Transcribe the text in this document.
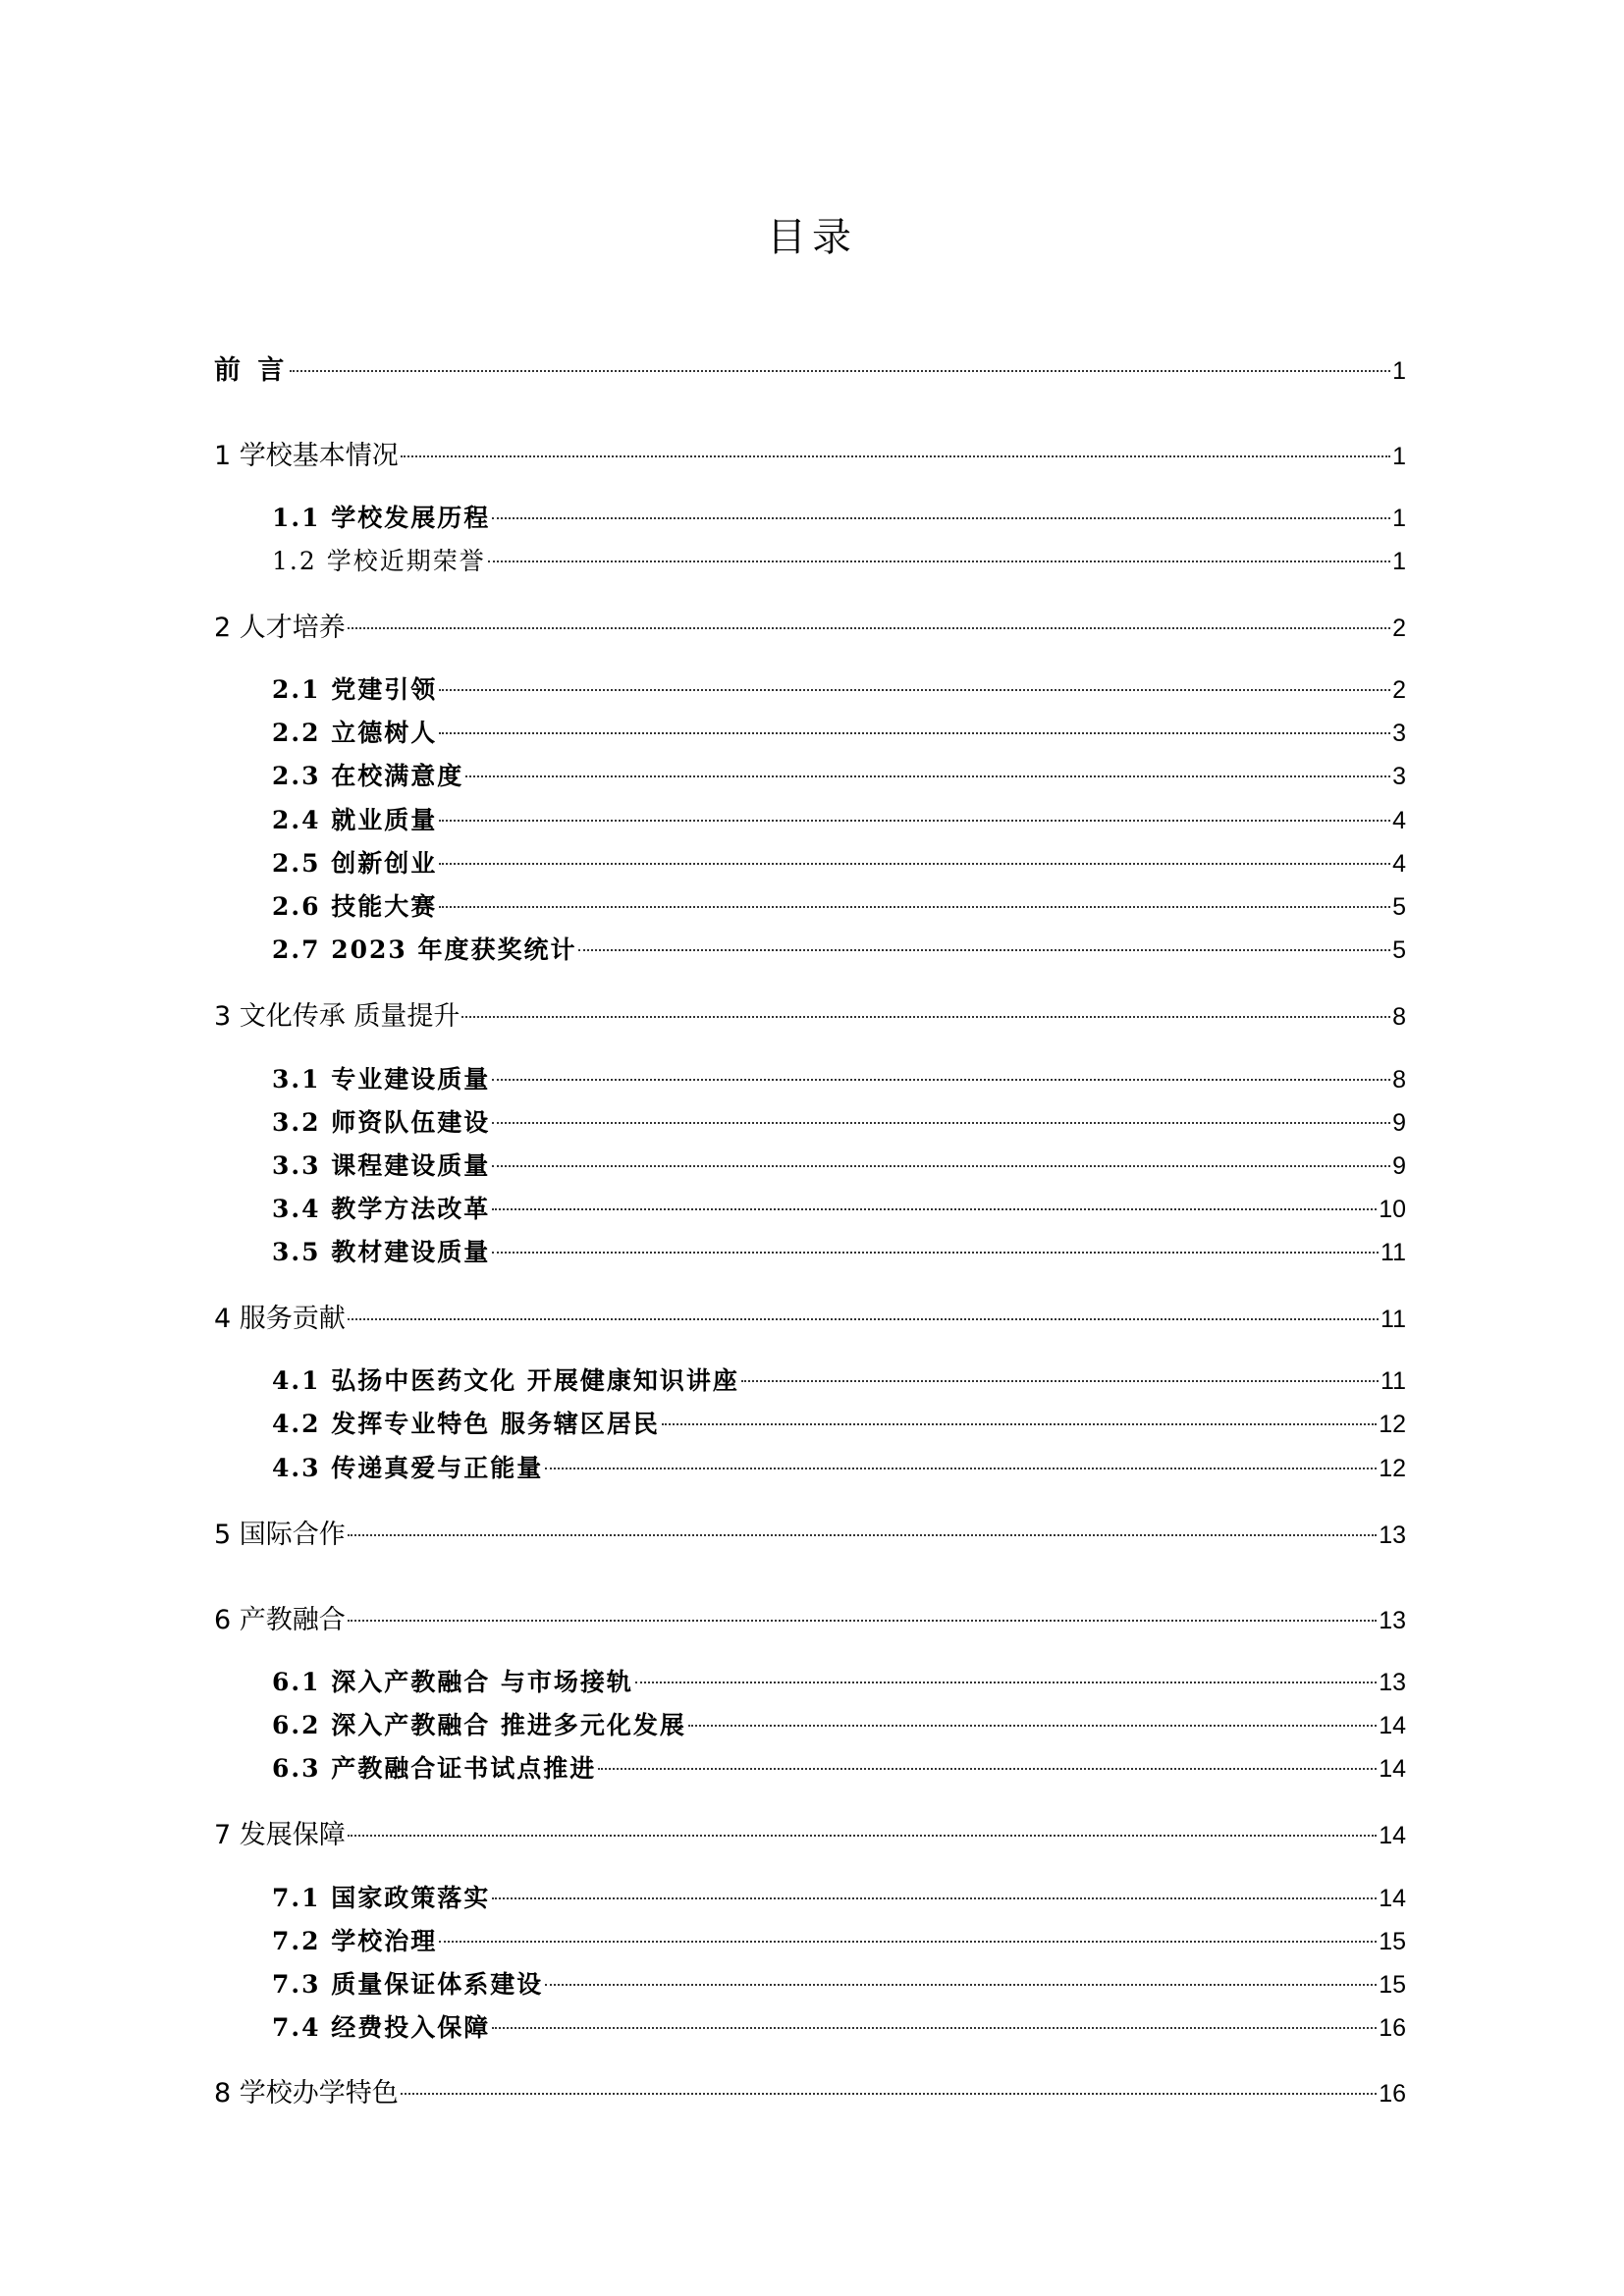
目录
前 言	1
1 学校基本情况	1
1.1 学校发展历程	1
1.2 学校近期荣誉	1
2 人才培养	2
2.1 党建引领	2
2.2 立德树人	3
2.3 在校满意度	3
2.4 就业质量	4
2.5 创新创业	4
2.6 技能大赛	5
2.7 2023 年度获奖统计	5
3 文化传承 质量提升	8
3.1 专业建设质量	8
3.2 师资队伍建设	9
3.3 课程建设质量	9
3.4 教学方法改革	10
3.5 教材建设质量	11
4 服务贡献	11
4.1 弘扬中医药文化 开展健康知识讲座	11
4.2 发挥专业特色 服务辖区居民	12
4.3 传递真爱与正能量	12
5 国际合作	13
6 产教融合	13
6.1 深入产教融合 与市场接轨	13
6.2 深入产教融合 推进多元化发展	14
6.3 产教融合证书试点推进	14
7 发展保障	14
7.1 国家政策落实	14
7.2 学校治理	15
7.3 质量保证体系建设	15
7.4 经费投入保障	16
8 学校办学特色	16
